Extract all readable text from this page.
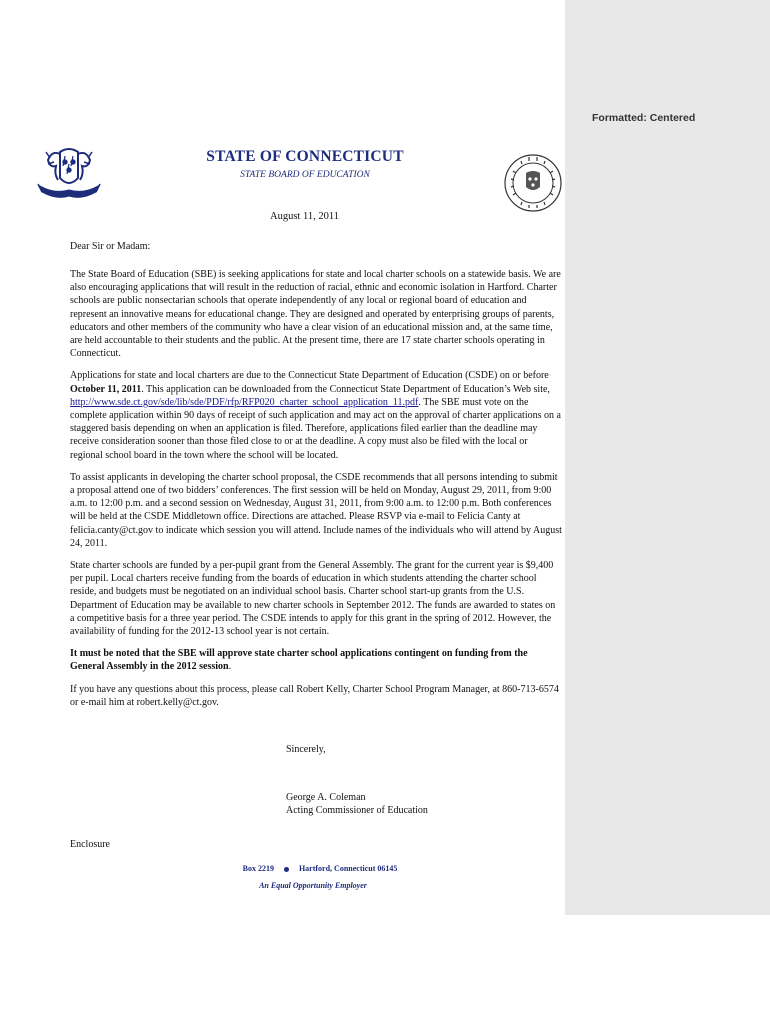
Formatted: Centered
STATE OF CONNECTICUT
STATE BOARD OF EDUCATION
August 11, 2011
Dear Sir or Madam:

The State Board of Education (SBE) is seeking applications for state and local charter schools on a statewide basis. We are also encouraging applications that will result in the reduction of racial, ethnic and economic isolation in Hartford. Charter schools are public nonsectarian schools that operate independently of any local or regional board of education and represent an innovative means for educational change. They are designed and operated by enterprising groups of parents, educators and other members of the community who have a clear vision of an educational mission and, at the same time, are held accountable to their students and the public. At the present time, there are 17 state charter schools operating in Connecticut.

Applications for state and local charters are due to the Connecticut State Department of Education (CSDE) on or before October 11, 2011. This application can be downloaded from the Connecticut State Department of Education’s Web site, http://www.sde.ct.gov/sde/lib/sde/PDF/rfp/RFP020_charter_school_application_11.pdf. The SBE must vote on the complete application within 90 days of receipt of such application and may act on the approval of charter applications on a staggered basis depending on when an application is filed. Therefore, applications filed earlier than the deadline may receive consideration sooner than those filed close to or at the deadline. A copy must also be filed with the local or regional school board in the town where the school will be located.

To assist applicants in developing the charter school proposal, the CSDE recommends that all persons intending to submit a proposal attend one of two bidders’ conferences. The first session will be held on Monday, August 29, 2011, from 9:00 a.m. to 12:00 p.m. and a second session on Wednesday, August 31, 2011, from 9:00 a.m. to 12:00 p.m. Both conferences will be held at the CSDE Middletown office. Directions are attached. Please RSVP via e-mail to Felicia Canty at felicia.canty@ct.gov to indicate which session you will attend. Include names of the individuals who will attend by August 24, 2011.

State charter schools are funded by a per-pupil grant from the General Assembly. The grant for the current year is $9,400 per pupil. Local charters receive funding from the boards of education in which students attending the charter school reside, and budgets must be negotiated on an individual school basis. Charter school start-up grants from the U.S. Department of Education may be available to new charter schools in September 2012. The funds are awarded to states on a competitive basis for a three year period. The CSDE intends to apply for this grant in the spring of 2012. However, the availability of funding for the 2012-13 school year is not certain.

It must be noted that the SBE will approve state charter school applications contingent on funding from the General Assembly in the 2012 session.

If you have any questions about this process, please call Robert Kelly, Charter School Program Manager, at 860-713-6574 or e-mail him at robert.kelly@ct.gov.

Sincerely,
George A. Coleman
Acting Commissioner of Education
Enclosure
Box 2219	Hartford, Connecticut 06145
An Equal Opportunity Employer
